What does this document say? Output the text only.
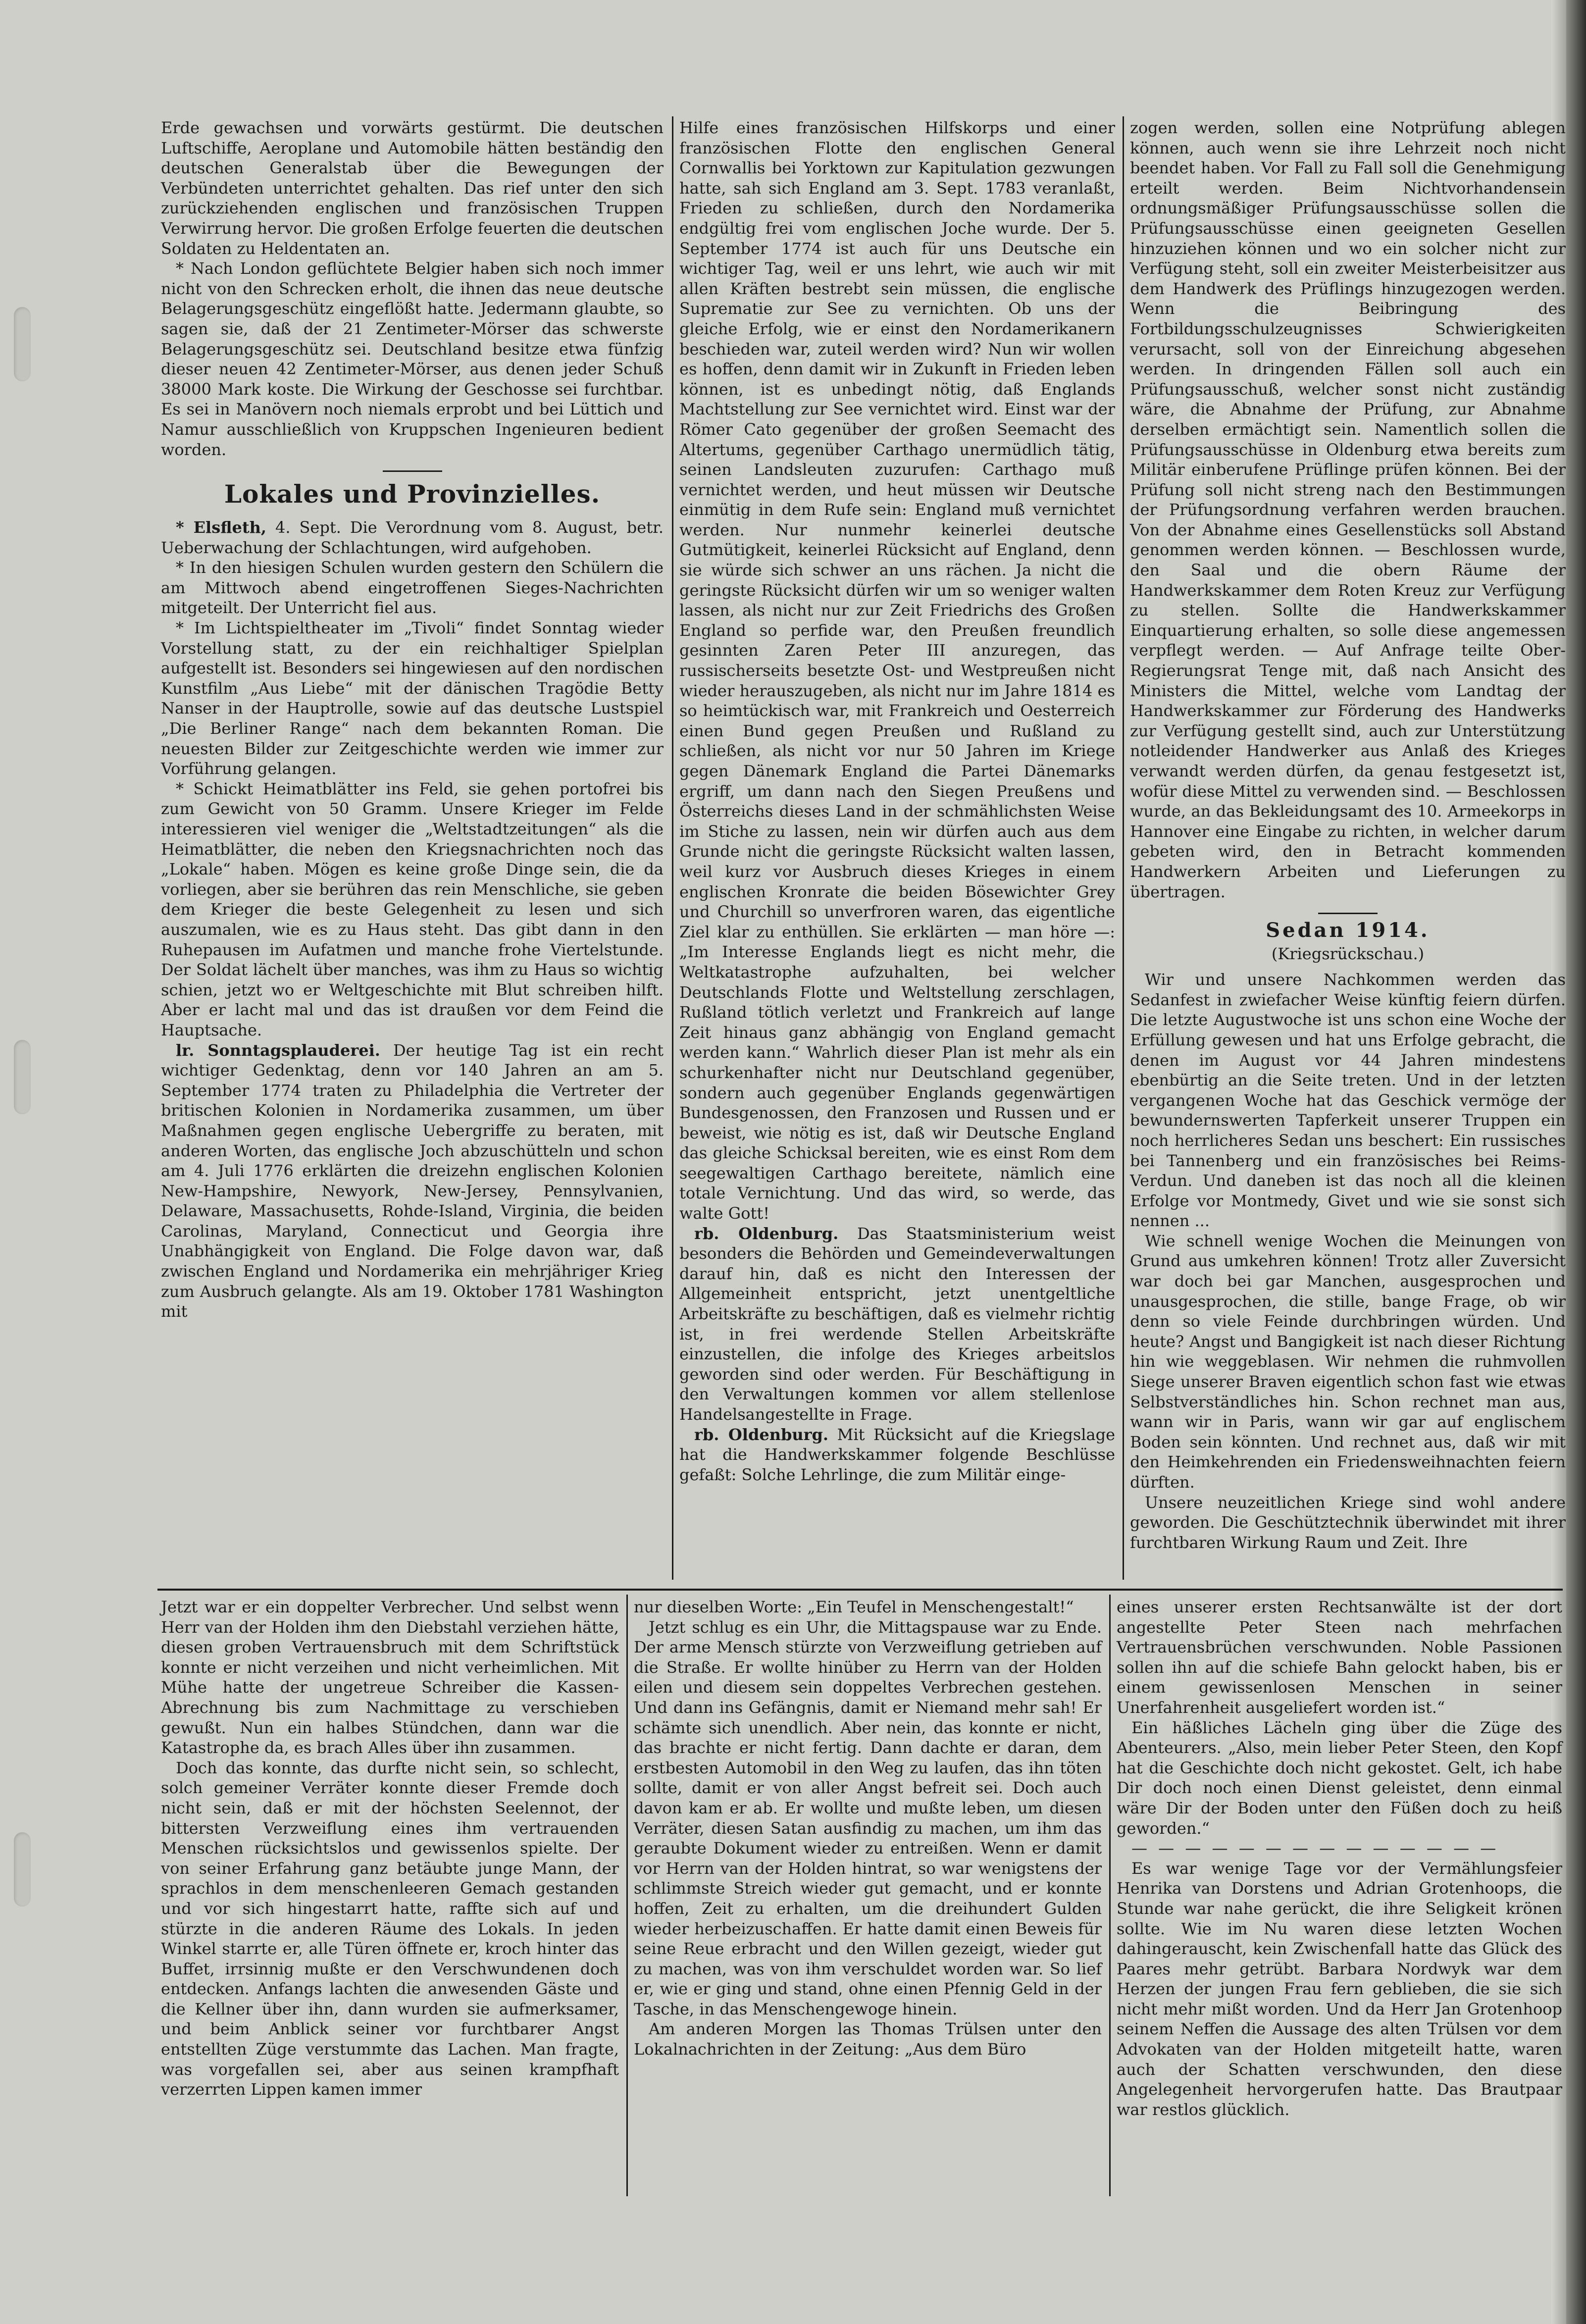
Erde gewachsen und vorwärts gestürmt. Die deutschen Luftschiffe, Aeroplane und Automobile hätten beständig den deutschen Generalstab über die Bewegungen der Verbündeten unterrichtet gehalten. Das rief unter den sich zurückziehenden englischen und französischen Truppen Verwirrung hervor. Die großen Erfolge feuerten die deutschen Soldaten zu Heldentaten an.

* Nach London geflüchtete Belgier haben sich noch immer nicht von den Schrecken erholt, die ihnen das neue deutsche Belagerungsgeschütz eingeflößt hatte. Jedermann glaubte, so sagen sie, daß der 21 Zentimeter-Mörser das schwerste Belagerungsgeschütz sei. Deutschland besitze etwa fünfzig dieser neuen 42 Zentimeter-Mörser, aus denen jeder Schuß 38000 Mark koste. Die Wirkung der Geschosse sei furchtbar. Es sei in Manövern noch niemals erprobt und bei Lüttich und Namur ausschließlich von Kruppschen Ingenieuren bedient worden.

Lokales und Provinzielles.

* Elsfleth, 4. Sept. Die Verordnung vom 8. August, betr. Ueberwachung der Schlachtungen, wird aufgehoben.

* In den hiesigen Schulen wurden gestern den Schülern die am Mittwoch abend eingetroffenen Sieges-Nachrichten mitgeteilt. Der Unterricht fiel aus.

* Im Lichtspieltheater im „Tivoli“ findet Sonntag wieder Vorstellung statt, zu der ein reichhaltiger Spielplan aufgestellt ist. Besonders sei hingewiesen auf den nordischen Kunstfilm „Aus Liebe“ mit der dänischen Tragödie Betty Nanser in der Hauptrolle, sowie auf das deutsche Lustspiel „Die Berliner Range“ nach dem bekannten Roman. Die neuesten Bilder zur Zeitgeschichte werden wie immer zur Vorführung gelangen.

* Schickt Heimatblätter ins Feld, sie gehen portofrei bis zum Gewicht von 50 Gramm. Unsere Krieger im Felde interessieren viel weniger die „Weltstadtzeitungen“ als die Heimatblätter, die neben den Kriegsnachrichten noch das „Lokale“ haben. Mögen es keine große Dinge sein, die da vorliegen, aber sie berühren das rein Menschliche, sie geben dem Krieger die beste Gelegenheit zu lesen und sich auszumalen, wie es zu Haus steht. Das gibt dann in den Ruhepausen im Aufatmen und manche frohe Viertelstunde. Der Soldat lächelt über manches, was ihm zu Haus so wichtig schien, jetzt wo er Weltgeschichte mit Blut schreiben hilft. Aber er lacht mal und das ist draußen vor dem Feind die Hauptsache.

lr. Sonntagsplauderei. Der heutige Tag ist ein recht wichtiger Gedenktag, denn vor 140 Jahren an am 5. September 1774 traten zu Philadelphia die Vertreter der britischen Kolonien in Nordamerika zusammen, um über Maßnahmen gegen englische Uebergriffe zu beraten, mit anderen Worten, das englische Joch abzuschütteln und schon am 4. Juli 1776 erklärten die dreizehn englischen Kolonien New-Hampshire, Newyork, New-Jersey, Pennsylvanien, Delaware, Massachusetts, Rohde-Island, Virginia, die beiden Carolinas, Maryland, Connecticut und Georgia ihre Unabhängigkeit von England. Die Folge davon war, daß zwischen England und Nordamerika ein mehrjähriger Krieg zum Ausbruch gelangte. Als am 19. Oktober 1781 Washington mit

Hilfe eines französischen Hilfskorps und einer französischen Flotte den englischen General Cornwallis bei Yorktown zur Kapitulation gezwungen hatte, sah sich England am 3. Sept. 1783 veranlaßt, Frieden zu schließen, durch den Nordamerika endgültig frei vom englischen Joche wurde. Der 5. September 1774 ist auch für uns Deutsche ein wichtiger Tag, weil er uns lehrt, wie auch wir mit allen Kräften bestrebt sein müssen, die englische Suprematie zur See zu vernichten. Ob uns der gleiche Erfolg, wie er einst den Nordamerikanern beschieden war, zuteil werden wird? Nun wir wollen es hoffen, denn damit wir in Zukunft in Frieden leben können, ist es unbedingt nötig, daß Englands Machtstellung zur See vernichtet wird. Einst war der Römer Cato gegenüber der großen Seemacht des Altertums, gegenüber Carthago unermüdlich tätig, seinen Landsleuten zuzurufen: Carthago muß vernichtet werden, und heut müssen wir Deutsche einmütig in dem Rufe sein: England muß vernichtet werden. Nur nunmehr keinerlei deutsche Gutmütigkeit, keinerlei Rücksicht auf England, denn sie würde sich schwer an uns rächen. Ja nicht die geringste Rücksicht dürfen wir um so weniger walten lassen, als nicht nur zur Zeit Friedrichs des Großen England so perfide war, den Preußen freundlich gesinnten Zaren Peter III anzuregen, das russischerseits besetzte Ost- und Westpreußen nicht wieder herauszugeben, als nicht nur im Jahre 1814 es so heimtückisch war, mit Frankreich und Oesterreich einen Bund gegen Preußen und Rußland zu schließen, als nicht vor nur 50 Jahren im Kriege gegen Dänemark England die Partei Dänemarks ergriff, um dann nach den Siegen Preußens und Österreichs dieses Land in der schmählichsten Weise im Stiche zu lassen, nein wir dürfen auch aus dem Grunde nicht die geringste Rücksicht walten lassen, weil kurz vor Ausbruch dieses Krieges in einem englischen Kronrate die beiden Bösewichter Grey und Churchill so unverfroren waren, das eigentliche Ziel klar zu enthüllen. Sie erklärten — man höre —: „Im Interesse Englands liegt es nicht mehr, die Weltkatastrophe aufzuhalten, bei welcher Deutschlands Flotte und Weltstellung zerschlagen, Rußland tötlich verletzt und Frankreich auf lange Zeit hinaus ganz abhängig von England gemacht werden kann.“ Wahrlich dieser Plan ist mehr als ein schurkenhafter nicht nur Deutschland gegenüber, sondern auch gegenüber Englands gegenwärtigen Bundesgenossen, den Franzosen und Russen und er beweist, wie nötig es ist, daß wir Deutsche England das gleiche Schicksal bereiten, wie es einst Rom dem seegewaltigen Carthago bereitete, nämlich eine totale Vernichtung. Und das wird, so werde, das walte Gott!

rb. Oldenburg. Das Staatsministerium weist besonders die Behörden und Gemeindeverwaltungen darauf hin, daß es nicht den Interessen der Allgemeinheit entspricht, jetzt unentgeltliche Arbeitskräfte zu beschäftigen, daß es vielmehr richtig ist, in frei werdende Stellen Arbeitskräfte einzustellen, die infolge des Krieges arbeitslos geworden sind oder werden. Für Beschäftigung in den Verwaltungen kommen vor allem stellenlose Handelsangestellte in Frage.

rb. Oldenburg. Mit Rücksicht auf die Kriegslage hat die Handwerkskammer folgende Beschlüsse gefaßt: Solche Lehrlinge, die zum Militär einge-

zogen werden, sollen eine Notprüfung ablegen können, auch wenn sie ihre Lehrzeit noch nicht beendet haben. Vor Fall zu Fall soll die Genehmigung erteilt werden. Beim Nichtvorhandensein ordnungsmäßiger Prüfungsausschüsse sollen die Prüfungsausschüsse einen geeigneten Gesellen hinzuziehen können und wo ein solcher nicht zur Verfügung steht, soll ein zweiter Meisterbeisitzer aus dem Handwerk des Prüflings hinzugezogen werden. Wenn die Beibringung des Fortbildungsschulzeugnisses Schwierigkeiten verursacht, soll von der Einreichung abgesehen werden. In dringenden Fällen soll auch ein Prüfungsausschuß, welcher sonst nicht zuständig wäre, die Abnahme der Prüfung, zur Abnahme derselben ermächtigt sein. Namentlich sollen die Prüfungsausschüsse in Oldenburg etwa bereits zum Militär einberufene Prüflinge prüfen können. Bei der Prüfung soll nicht streng nach den Bestimmungen der Prüfungsordnung verfahren werden brauchen. Von der Abnahme eines Gesellenstücks soll Abstand genommen werden können. — Beschlossen wurde, den Saal und die obern Räume der Handwerkskammer dem Roten Kreuz zur Verfügung zu stellen. Sollte die Handwerkskammer Einquartierung erhalten, so solle diese angemessen verpflegt werden. — Auf Anfrage teilte Ober-Regierungsrat Tenge mit, daß nach Ansicht des Ministers die Mittel, welche vom Landtag der Handwerkskammer zur Förderung des Handwerks zur Verfügung gestellt sind, auch zur Unterstützung notleidender Handwerker aus Anlaß des Krieges verwandt werden dürfen, da genau festgesetzt ist, wofür diese Mittel zu verwenden sind. — Beschlossen wurde, an das Bekleidungsamt des 10. Armeekorps in Hannover eine Eingabe zu richten, in welcher darum gebeten wird, den in Betracht kommenden Handwerkern Arbeiten und Lieferungen zu übertragen.

Sedan 1914.
(Kriegsrückschau.)

Wir und unsere Nachkommen werden das Sedanfest in zwiefacher Weise künftig feiern dürfen. Die letzte Augustwoche ist uns schon eine Woche der Erfüllung gewesen und hat uns Erfolge gebracht, die denen im August vor 44 Jahren mindestens ebenbürtig an die Seite treten. Und in der letzten vergangenen Woche hat das Geschick vermöge der bewundernswerten Tapferkeit unserer Truppen ein noch herrlicheres Sedan uns beschert: Ein russisches bei Tannenberg und ein französisches bei Reims-Verdun. Und daneben ist das noch all die kleinen Erfolge vor Montmedy, Givet und wie sie sonst sich nennen ...

Wie schnell wenige Wochen die Meinungen von Grund aus umkehren können! Trotz aller Zuversicht war doch bei gar Manchen, ausgesprochen und unausgesprochen, die stille, bange Frage, ob wir denn so viele Feinde durchbringen würden. Und heute? Angst und Bangigkeit ist nach dieser Richtung hin wie weggeblasen. Wir nehmen die ruhmvollen Siege unserer Braven eigentlich schon fast wie etwas Selbstverständliches hin. Schon rechnet man aus, wann wir in Paris, wann wir gar auf englischem Boden sein könnten. Und rechnet aus, daß wir mit den Heimkehrenden ein Friedensweihnachten feiern dürften.

Unsere neuzeitlichen Kriege sind wohl andere geworden. Die Geschütztechnik überwindet mit ihrer furchtbaren Wirkung Raum und Zeit. Ihre

Jetzt war er ein doppelter Verbrecher. Und selbst wenn Herr van der Holden ihm den Diebstahl verziehen hätte, diesen groben Vertrauensbruch mit dem Schriftstück konnte er nicht verzeihen und nicht verheimlichen. Mit Mühe hatte der ungetreue Schreiber die Kassen-Abrechnung bis zum Nachmittage zu verschieben gewußt. Nun ein halbes Stündchen, dann war die Katastrophe da, es brach Alles über ihn zusammen.

Doch das konnte, das durfte nicht sein, so schlecht, solch gemeiner Verräter konnte dieser Fremde doch nicht sein, daß er mit der höchsten Seelennot, der bittersten Verzweiflung eines ihm vertrauenden Menschen rücksichtslos und gewissenlos spielte. Der von seiner Erfahrung ganz betäubte junge Mann, der sprachlos in dem menschenleeren Gemach gestanden und vor sich hingestarrt hatte, raffte sich auf und stürzte in die anderen Räume des Lokals. In jeden Winkel starrte er, alle Türen öffnete er, kroch hinter das Buffet, irrsinnig mußte er den Verschwundenen doch entdecken. Anfangs lachten die anwesenden Gäste und die Kellner über ihn, dann wurden sie aufmerksamer, und beim Anblick seiner vor furchtbarer Angst entstellten Züge verstummte das Lachen. Man fragte, was vorgefallen sei, aber aus seinen krampfhaft verzerrten Lippen kamen immer

nur dieselben Worte: „Ein Teufel in Menschengestalt!“

Jetzt schlug es ein Uhr, die Mittagspause war zu Ende. Der arme Mensch stürzte von Verzweiflung getrieben auf die Straße. Er wollte hinüber zu Herrn van der Holden eilen und diesem sein doppeltes Verbrechen gestehen. Und dann ins Gefängnis, damit er Niemand mehr sah! Er schämte sich unendlich. Aber nein, das konnte er nicht, das brachte er nicht fertig. Dann dachte er daran, dem erstbesten Automobil in den Weg zu laufen, das ihn töten sollte, damit er von aller Angst befreit sei. Doch auch davon kam er ab. Er wollte und mußte leben, um diesen Verräter, diesen Satan ausfindig zu machen, um ihm das geraubte Dokument wieder zu entreißen. Wenn er damit vor Herrn van der Holden hintrat, so war wenigstens der schlimmste Streich wieder gut gemacht, und er konnte hoffen, Zeit zu erhalten, um die dreihundert Gulden wieder herbeizuschaffen. Er hatte damit einen Beweis für seine Reue erbracht und den Willen gezeigt, wieder gut zu machen, was von ihm verschuldet worden war. So lief er, wie er ging und stand, ohne einen Pfennig Geld in der Tasche, in das Menschengewoge hinein.

Am anderen Morgen las Thomas Trülsen unter den Lokalnachrichten in der Zeitung: „Aus dem Büro

eines unserer ersten Rechtsanwälte ist der dort angestellte Peter Steen nach mehrfachen Vertrauensbrüchen verschwunden. Noble Passionen sollen ihn auf die schiefe Bahn gelockt haben, bis er einem gewissenlosen Menschen in seiner Unerfahrenheit ausgeliefert worden ist.“

Ein häßliches Lächeln ging über die Züge des Abenteurers. „Also, mein lieber Peter Steen, den Kopf hat die Geschichte doch nicht gekostet. Gelt, ich habe Dir doch noch einen Dienst geleistet, denn einmal wäre Dir der Boden unter den Füßen doch zu heiß geworden.“

— — — — — — — — — — — — — —

Es war wenige Tage vor der Vermählungsfeier Henrika van Dorstens und Adrian Grotenhoops, die Stunde war nahe gerückt, die ihre Seligkeit krönen sollte. Wie im Nu waren diese letzten Wochen dahingerauscht, kein Zwischenfall hatte das Glück des Paares mehr getrübt. Barbara Nordwyk war dem Herzen der jungen Frau fern geblieben, die sie sich nicht mehr mißt worden. Und da Herr Jan Grotenhoop seinem Neffen die Aussage des alten Trülsen vor dem Advokaten van der Holden mitgeteilt hatte, waren auch der Schatten verschwunden, den diese Angelegenheit hervorgerufen hatte. Das Brautpaar war restlos glücklich.
